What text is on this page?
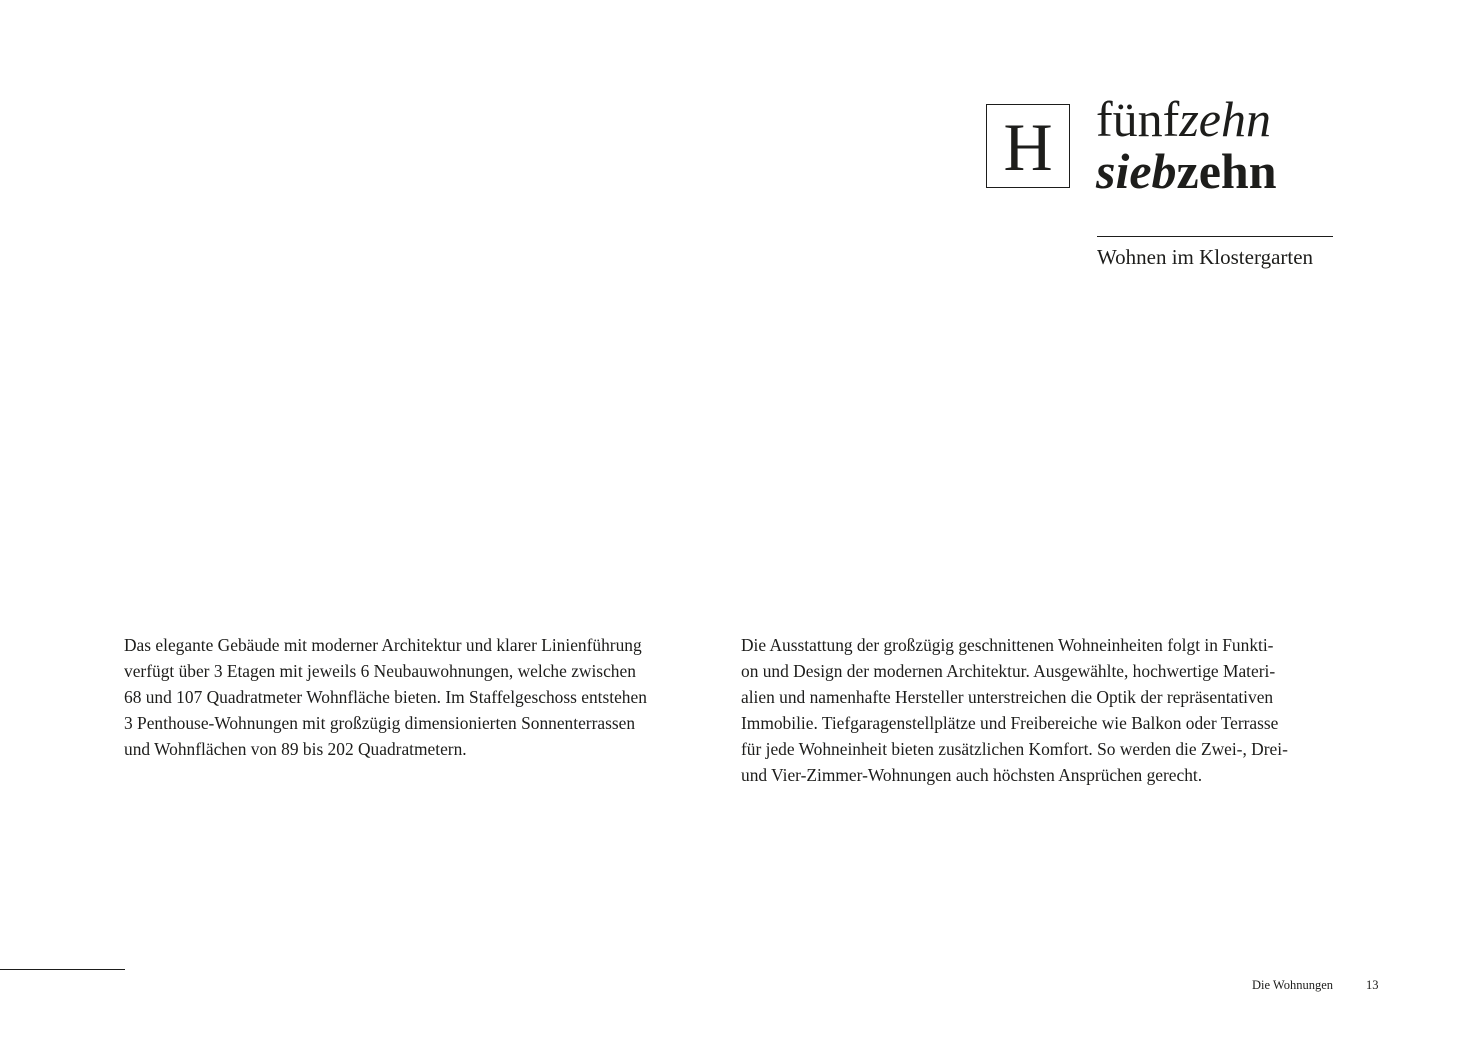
H fünfzehn
siebzehn
Wohnen im Klostergarten
Das elegante Gebäude mit moderner Architektur und klarer Linienführung
verfügt über 3 Etagen mit jeweils 6 Neubauwohnungen, welche zwischen
68 und 107 Quadratmeter Wohnfläche bieten. Im Staffelgeschoss entstehen
3 Penthouse-Wohnungen mit großzügig dimensionierten Sonnenterrassen
und Wohnflächen von 89 bis 202 Quadratmetern.
Die Ausstattung der großzügig geschnittenen Wohneinheiten folgt in Funkti-
on und Design der modernen Architektur. Ausgewählte, hochwertige Materi-
alien und namenhafte Hersteller unterstreichen die Optik der repräsentativen
Immobilie. Tiefgaragenstellplätze und Freibereiche wie Balkon oder Terrasse
für jede Wohneinheit bieten zusätzlichen Komfort. So werden die Zwei-, Drei-
und Vier-Zimmer-Wohnungen auch höchsten Ansprüchen gerecht.
Die Wohnungen	13
